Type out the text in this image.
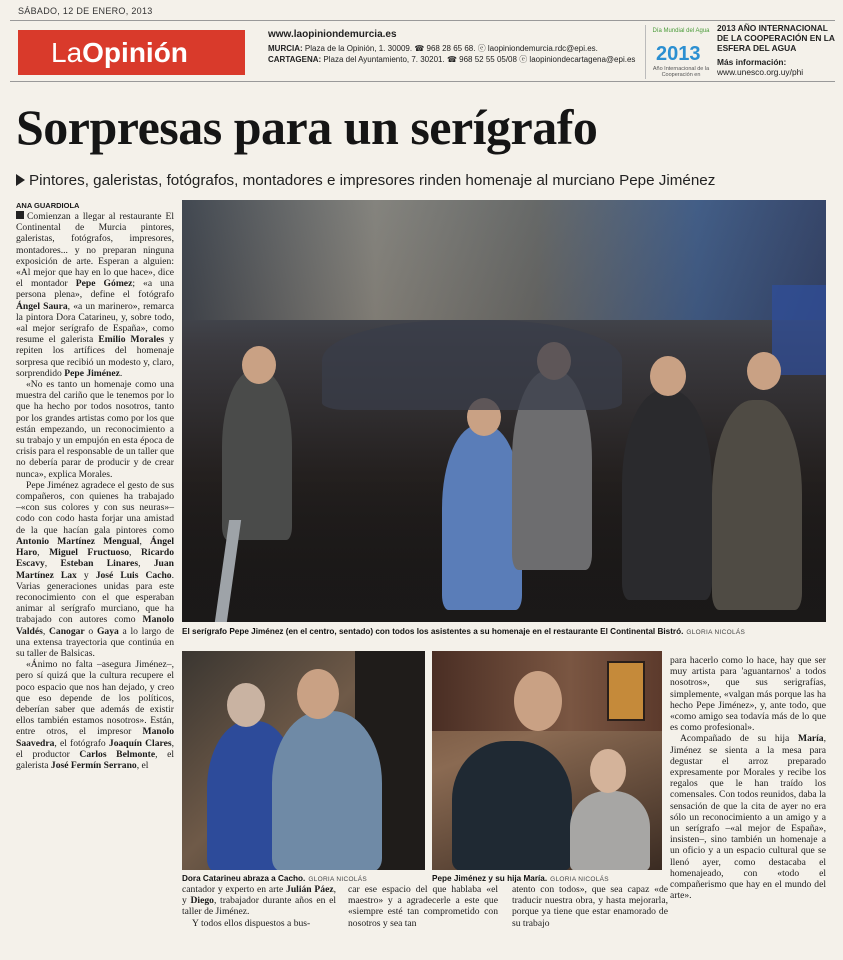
SÁBADO, 12 DE ENERO, 2013
LaOpinión
www.laopiniondemurcia.es
MURCIA: Plaza de la Opinión, 1. 30009. ☎ 968 28 65 68. ⓔ laopiniondemurcia.rdc@epi.es.
CARTAGENA: Plaza del Ayuntamiento, 7. 30201. ☎ 968 52 55 05/08 ⓔ laopiniondecartagena@epi.es
Día Mundial del Agua
2013
Año Internacional de la Cooperación en
2013 AÑO INTERNACIONAL DE LA COOPERACIÓN EN LA ESFERA DEL AGUA
Más información:
www.unesco.org.uy/phi
Sorpresas para un serígrafo
Pintores, galeristas, fotógrafos, montadores e impresores rinden homenaje al murciano Pepe Jiménez
ANA GUARDIOLA

Comienzan a llegar al restaurante El Continental de Murcia pintores, galeristas, fotógrafos, impresores, montadores... y no preparan ninguna exposición de arte. Esperan a alguien: «Al mejor que hay en lo que hace», dice el montador Pepe Gómez; «a una persona plena», define el fotógrafo Ángel Saura, «a un marinero», remarca la pintora Dora Catarineu, y, sobre todo, «al mejor serígrafo de España», como resume el galerista Emilio Morales y repiten los artífices del homenaje sorpresa que recibió un modesto y, claro, sorprendido Pepe Jiménez.

«No es tanto un homenaje como una muestra del cariño que le tenemos por lo que ha hecho por todos nosotros, tanto por los grandes artistas como por los que están empezando, un reconocimiento a su trabajo y un empujón en esta época de crisis para el responsable de un taller que no debería parar de producir y de crear nunca», explica Morales.

Pepe Jiménez agradece el gesto de sus compañeros, con quienes ha trabajado –«con sus colores y con sus neuras»– codo con codo hasta forjar una amistad de la que hacían gala pintores como Antonio Martínez Mengual, Ángel Haro, Miguel Fructuoso, Ricardo Escavy, Esteban Linares, Juan Martínez Lax y José Luis Cacho. Varias generaciones unidas para este reconocimiento con el que esperaban animar al serígrafo murciano, que ha trabajado con autores como Manolo Valdés, Canogar o Gaya a lo largo de una extensa trayectoria que continúa en su taller de Balsicas.

«Ánimo no falta –asegura Jiménez–, pero sí quizá que la cultura recupere el poco espacio que nos han dejado, y creo que eso depende de los políticos, deberían saber que además de existir ellos también estamos nosotros». Están, entre otros, el impresor Manolo Saavedra, el fotógrafo Joaquín Clares, el productor Carlos Belmonte, el galerista José Fermín Serrano, el

El serígrafo Pepe Jiménez (en el centro, sentado) con todos los asistentes a su homenaje en el restaurante El Continental Bistró. GLORIA NICOLÁS
Dora Catarineu abraza a Cacho. GLORIA NICOLÁS	Pepe Jiménez y su hija María. GLORIA NICOLÁS

cantador y experto en arte Julián Páez, y Diego, trabajador durante años en el taller de Jiménez.

Y todos ellos dispuestos a bus-

car ese espacio del que hablaba «el maestro» y a agradecerle a este que «siempre esté tan comprometido con nosotros y sea tan

atento con todos», que sea capaz «de traducir nuestra obra, y hasta mejorarla, porque ya tiene que estar enamorado de su trabajo

para hacerlo como lo hace, hay que ser muy artista para 'aguantarnos' a todos nosotros», que sus serigrafías, simplemente, «valgan más porque las ha hecho Pepe Jiménez», y, ante todo, que «como amigo sea todavía más de lo que es como profesional».

Acompañado de su hija María, Jiménez se sienta a la mesa para degustar el arroz preparado expresamente por Morales y recibe los regalos que le han traído los comensales. Con todos reunidos, daba la sensación de que la cita de ayer no era sólo un reconocimiento a un amigo y a un serígrafo –«al mejor de España», insisten–, sino también un homenaje a un oficio y a un espacio cultural que se llenó ayer, como destacaba el homenajeado, con «todo el compañerismo que hay en el mundo del arte».
